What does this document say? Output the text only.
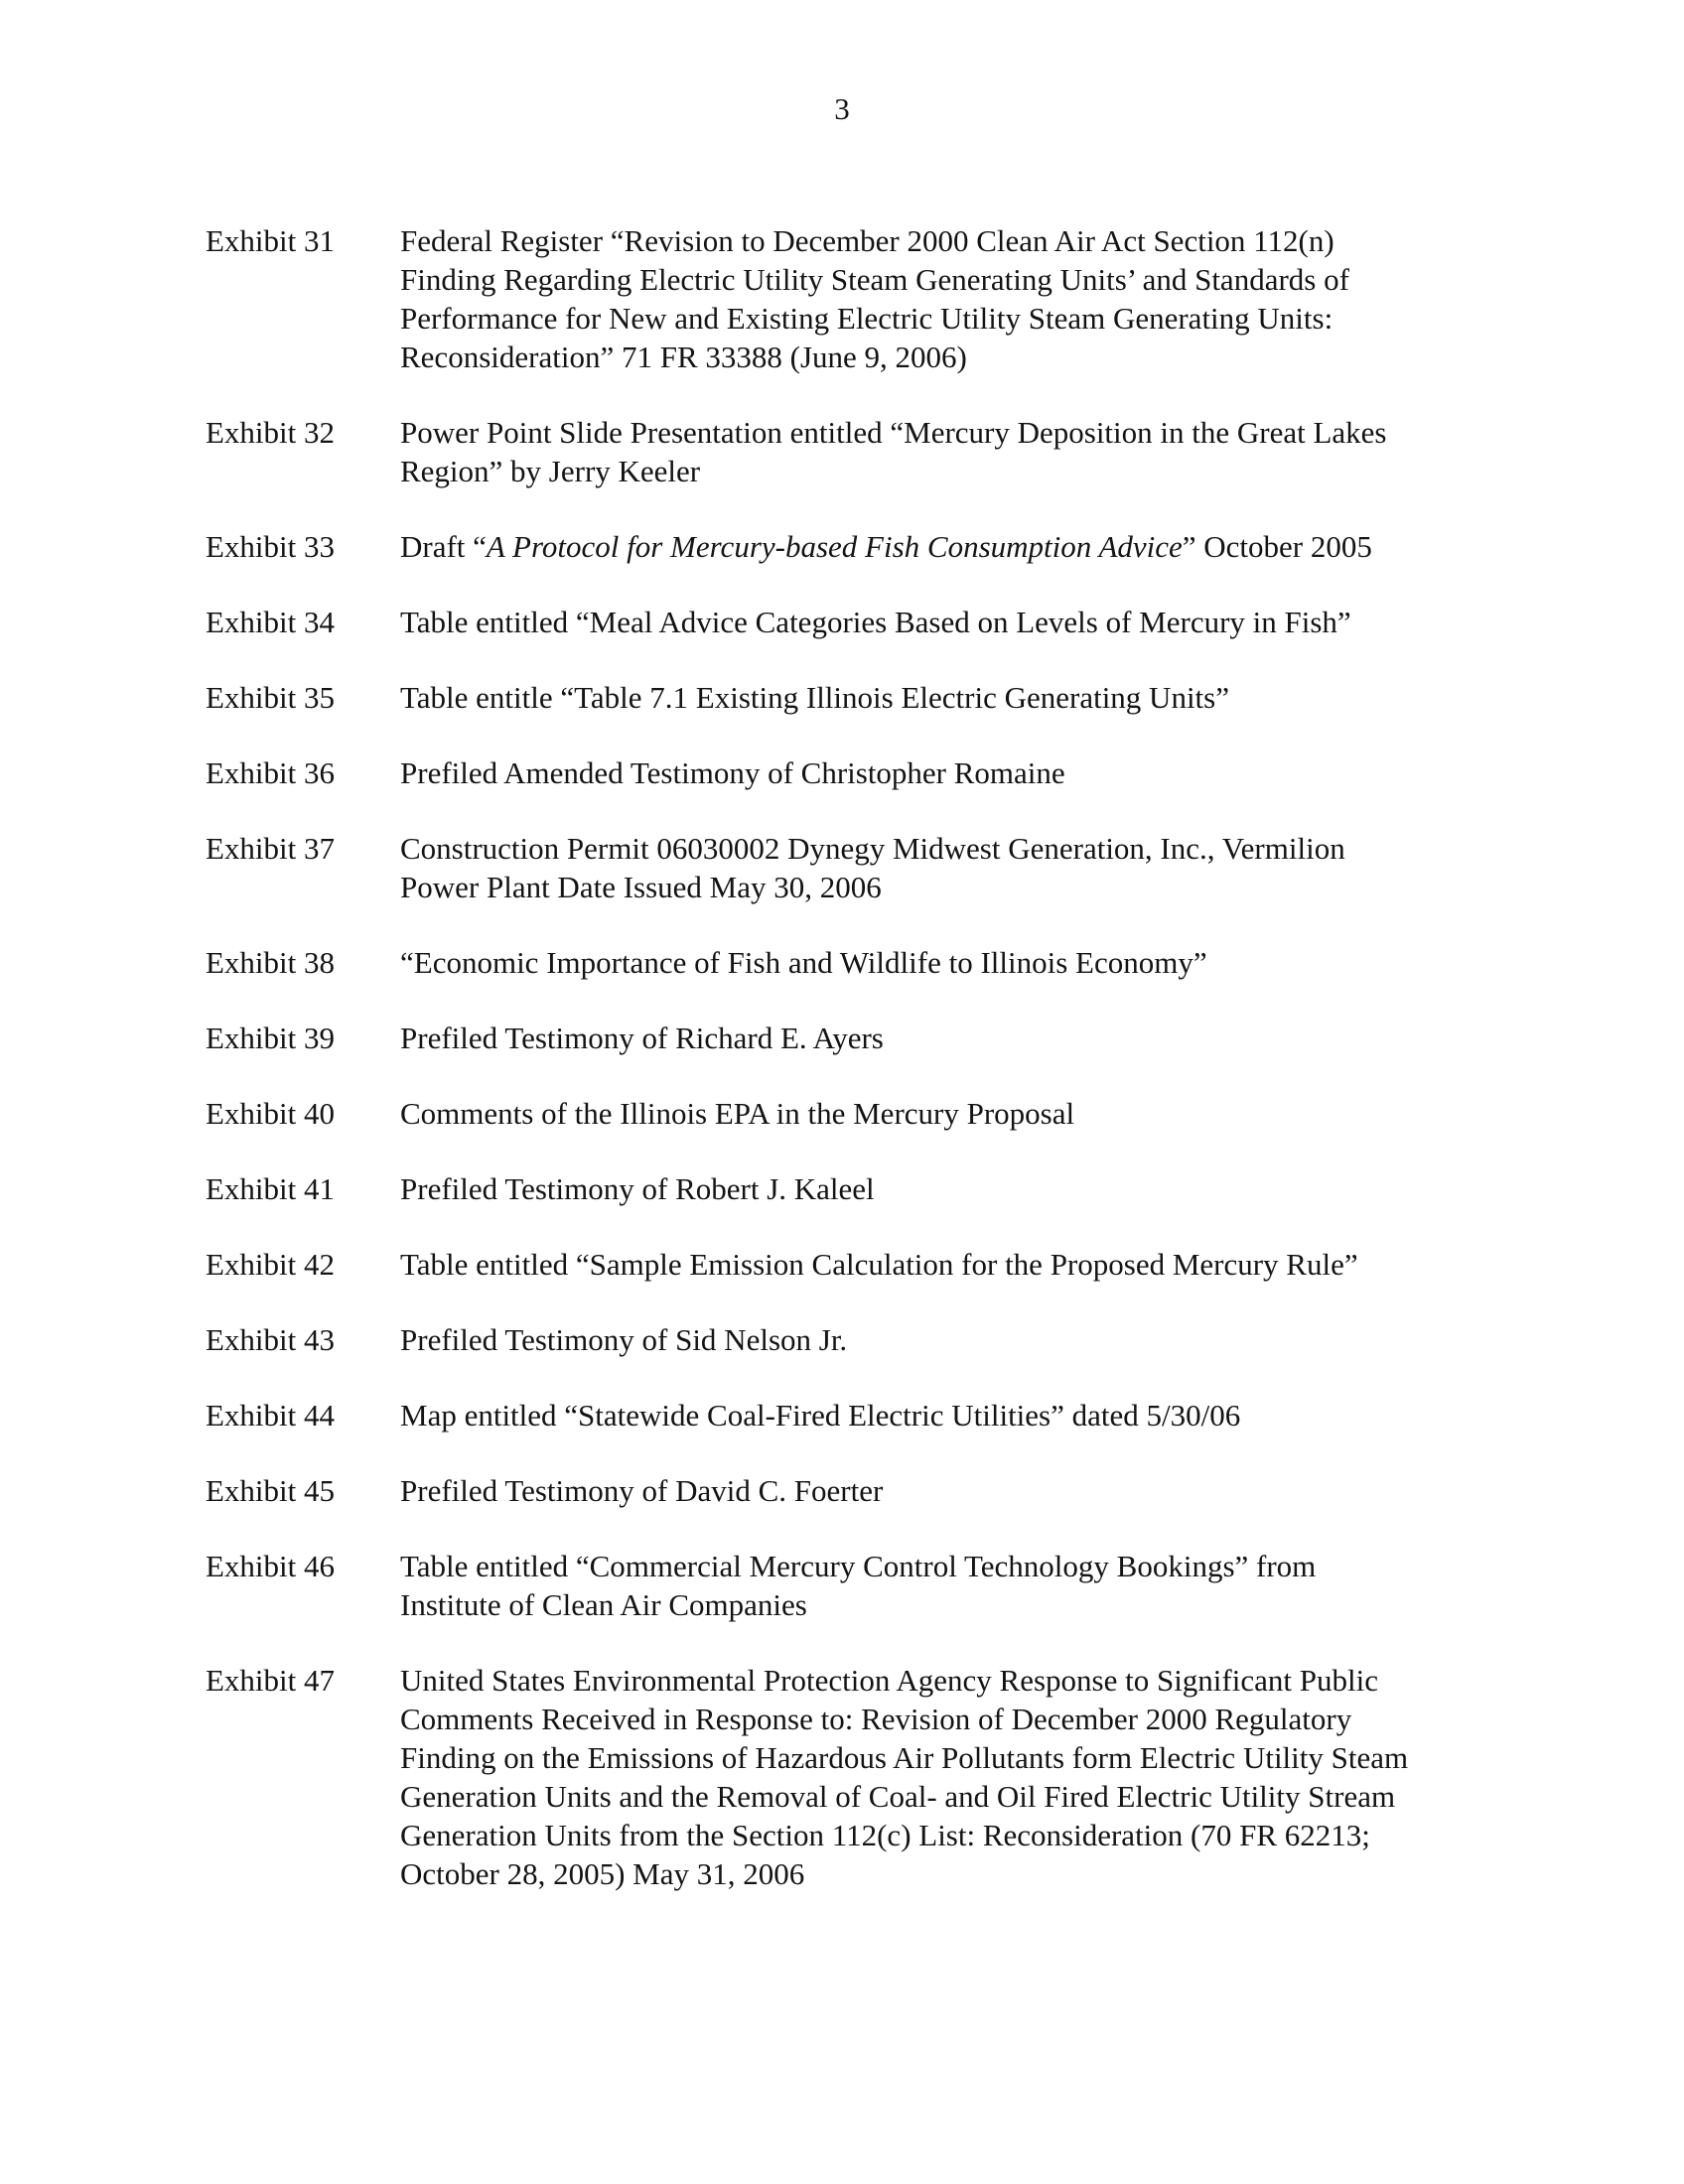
3
Exhibit 31	Federal Register “Revision to December 2000 Clean Air Act Section 112(n)
Finding Regarding Electric Utility Steam Generating Units’ and Standards of
Performance for New and Existing Electric Utility Steam Generating Units:
Reconsideration” 71 FR 33388 (June 9, 2006)
Exhibit 32	Power Point Slide Presentation entitled “Mercury Deposition in the Great Lakes
Region” by Jerry Keeler
Exhibit 33	Draft “A Protocol for Mercury-based Fish Consumption Advice” October 2005
Exhibit 34	Table entitled “Meal Advice Categories Based on Levels of Mercury in Fish”
Exhibit 35	Table entitle “Table 7.1 Existing Illinois Electric Generating Units”
Exhibit 36	Prefiled Amended Testimony of Christopher Romaine
Exhibit 37	Construction Permit 06030002 Dynegy Midwest Generation, Inc., Vermilion
Power Plant Date Issued May 30, 2006
Exhibit 38	“Economic Importance of Fish and Wildlife to Illinois Economy”
Exhibit 39	Prefiled Testimony of Richard E. Ayers
Exhibit 40	Comments of the Illinois EPA in the Mercury Proposal
Exhibit 41	Prefiled Testimony of Robert J. Kaleel
Exhibit 42	Table entitled “Sample Emission Calculation for the Proposed Mercury Rule”
Exhibit 43	Prefiled Testimony of Sid Nelson Jr.
Exhibit 44	Map entitled “Statewide Coal-Fired Electric Utilities” dated 5/30/06
Exhibit 45	Prefiled Testimony of David C. Foerter
Exhibit 46	Table entitled “Commercial Mercury Control Technology Bookings” from
Institute of Clean Air Companies
Exhibit 47	United States Environmental Protection Agency Response to Significant Public
Comments Received in Response to: Revision of December 2000 Regulatory
Finding on the Emissions of Hazardous Air Pollutants form Electric Utility Steam
Generation Units and the Removal of Coal- and Oil Fired Electric Utility Stream
Generation Units from the Section 112(c) List: Reconsideration (70 FR 62213;
October 28, 2005) May 31, 2006
